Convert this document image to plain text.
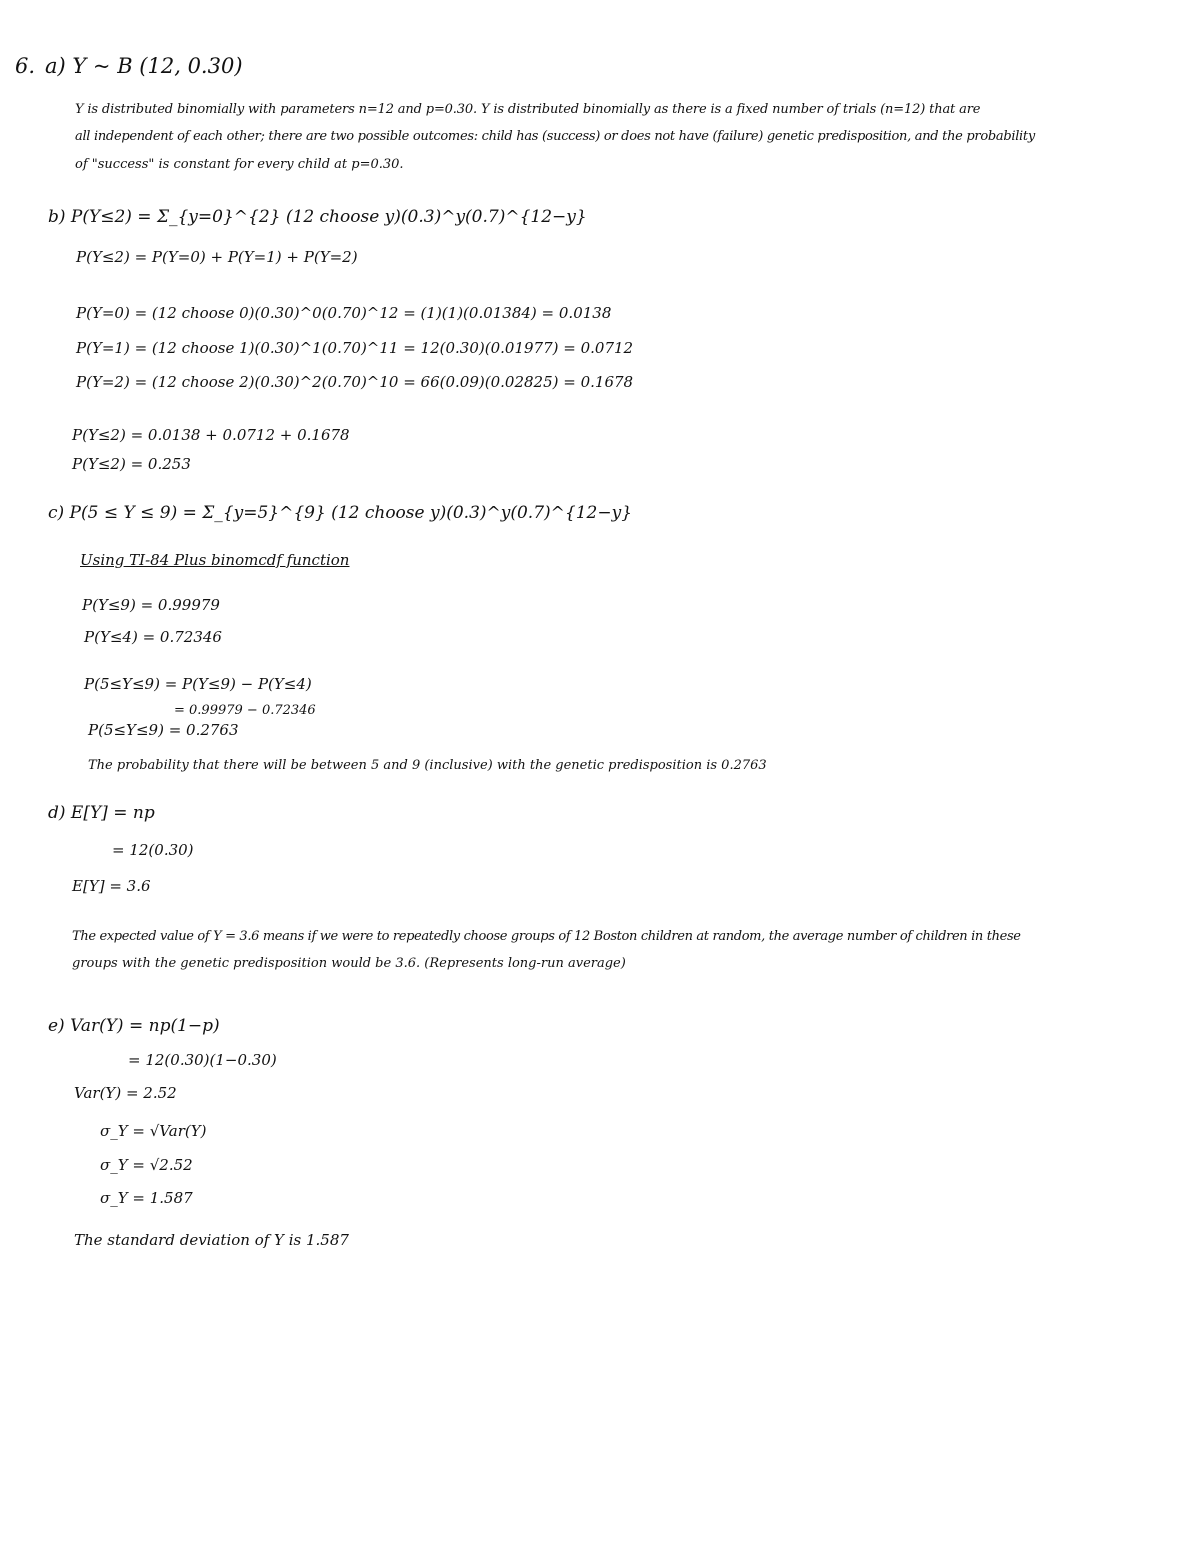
6. a) Y ~ B (12, 0.30)
Y is distributed binomially with parameters n=12 and p=0.30. Y is distributed binomially as there is a fixed number of trials (n=12) that are
all independent of each other; there are two possible outcomes: child has (success) or does not have (failure) genetic predisposition, and the probability
of "success" is constant for every child at p=0.30.
b) P(Y≤2) = Σ_{y=0}^{2} (12 choose y)(0.3)^y(0.7)^{12−y}
P(Y≤2) = P(Y=0) + P(Y=1) + P(Y=2)
P(Y=0) = (12 choose 0)(0.30)^0(0.70)^12 = (1)(1)(0.01384) = 0.0138
P(Y=1) = (12 choose 1)(0.30)^1(0.70)^11 = 12(0.30)(0.01977) = 0.0712
P(Y=2) = (12 choose 2)(0.30)^2(0.70)^10 = 66(0.09)(0.02825) = 0.1678
P(Y≤2) = 0.0138 + 0.0712 + 0.1678
P(Y≤2) = 0.253
c) P(5 ≤ Y ≤ 9) = Σ_{y=5}^{9} (12 choose y)(0.3)^y(0.7)^{12−y}
Using TI-84 Plus binomcdf function
P(Y≤9) = 0.99979
P(Y≤4) = 0.72346
P(5≤Y≤9) = P(Y≤9) − P(Y≤4)
= 0.99979 − 0.72346
P(5≤Y≤9) = 0.2763
The probability that there will be between 5 and 9 (inclusive) with the genetic predisposition is 0.2763
d) E[Y] = np
= 12(0.30)
E[Y] = 3.6
The expected value of Y = 3.6 means if we were to repeatedly choose groups of 12 Boston children at random, the average number of children in these
groups with the genetic predisposition would be 3.6. (Represents long-run average)
e) Var(Y) = np(1−p)
= 12(0.30)(1−0.30)
Var(Y) = 2.52
σ_Y = √Var(Y)
σ_Y = √2.52
σ_Y = 1.587
The standard deviation of Y is 1.587
